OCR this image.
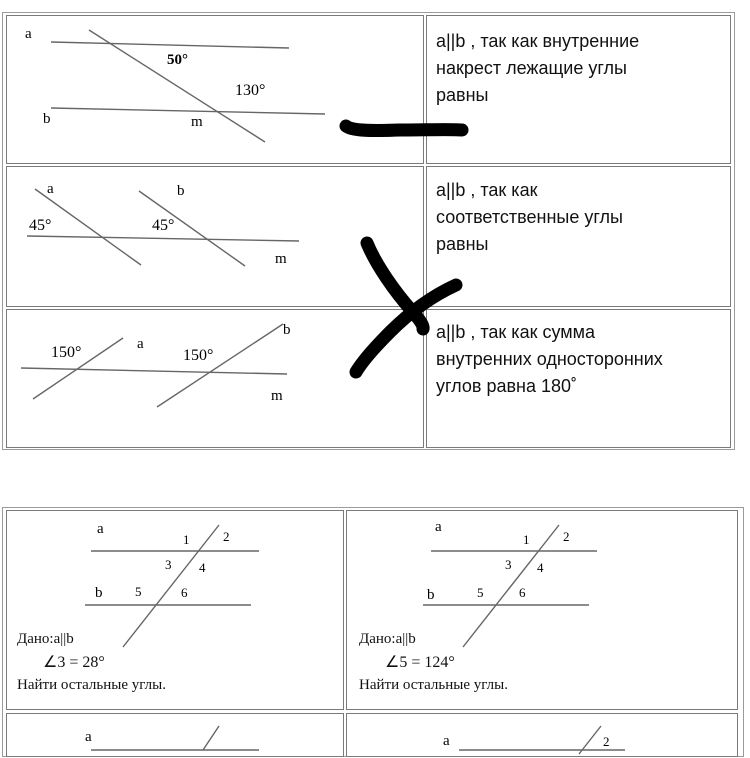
a
b	m
50°
130°
a||b , так как внутренние
накрест лежащие углы
равны
a	b
m
45°	45°
a||b , так как
соответственные углы
равны
a
b
m
150°	150°
a||b , так как сумма
внутренних односторонних
углов равна 180˚
a
b
1	2
3 4
5	6
Дано:a||b
∠3 = 28°
Найти остальные углы.
a
b
1	2
3 4
5	6
Дано:a||b
∠5 = 124°
Найти остальные углы.
a	a	2
